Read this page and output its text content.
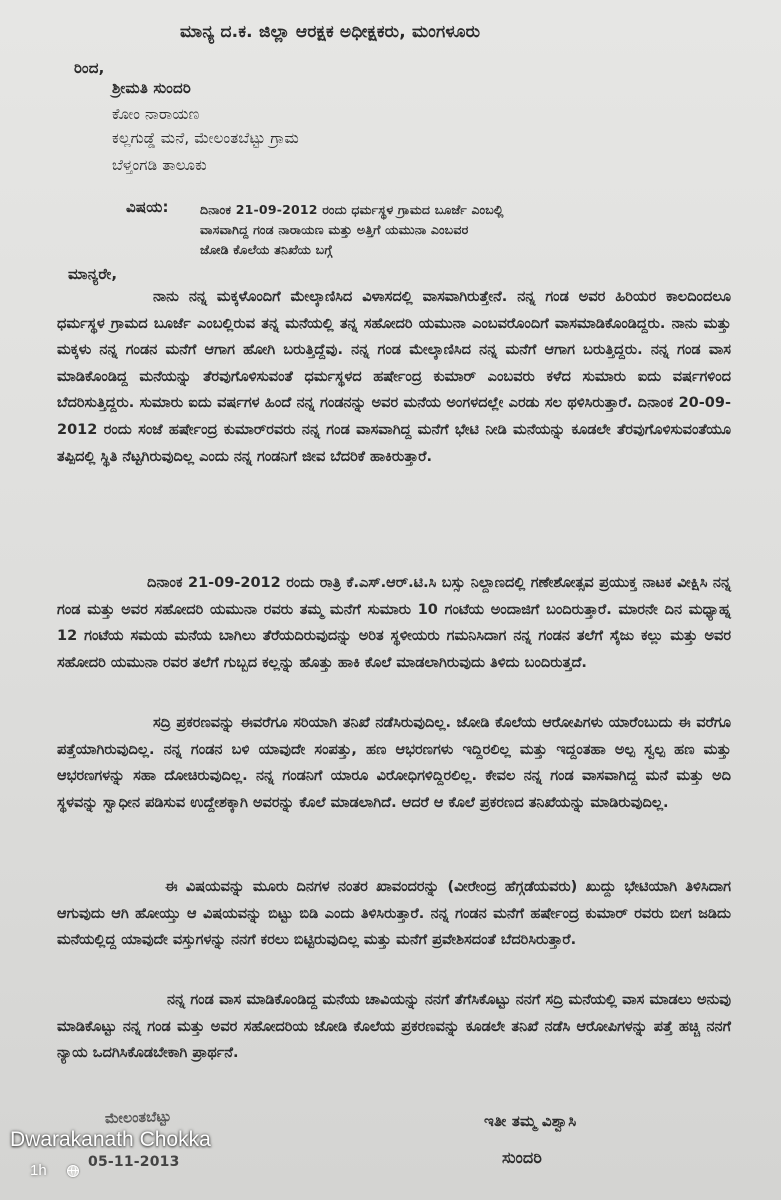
ಮಾನ್ಯ ದ.ಕ. ಜಿಲ್ಲಾ ಆರಕ್ಷಕ ಅಧೀಕ್ಷಕರು, ಮಂಗಳೂರು
ರಿಂದ,
ಶ್ರೀಮತಿ ಸುಂದರಿ
ಕೋಂ ನಾರಾಯಣ
ಕಲ್ಲಗುಡ್ಡೆ ಮನೆ, ಮೇಲಂತಬೆಟ್ಟು ಗ್ರಾಮ
ಬೆಳ್ತಂಗಡಿ ತಾಲೂಕು
ವಿಷಯ:	ದಿನಾಂಕ 21-09-2012 ರಂದು ಧರ್ಮಸ್ಥಳ ಗ್ರಾಮದ ಬೂರ್ಜೆ ಎಂಬಲ್ಲಿ
ವಾಸವಾಗಿದ್ದ ಗಂಡ ನಾರಾಯಣ ಮತ್ತು ಅತ್ತಿಗೆ ಯಮುನಾ ಎಂಬವರ
ಜೋಡಿ ಕೊಲೆಯ ತನಿಖೆಯ ಬಗ್ಗೆ
ಮಾನ್ಯರೇ,
ನಾನು ನನ್ನ ಮಕ್ಕಳೊಂದಿಗೆ ಮೇಲ್ಕಾಣಿಸಿದ ವಿಳಾಸದಲ್ಲಿ ವಾಸವಾಗಿರುತ್ತೇನೆ. ನನ್ನ ಗಂಡ ಅವರ ಹಿರಿಯರ ಕಾಲದಿಂದಲೂ ಧರ್ಮಸ್ಥಳ ಗ್ರಾಮದ ಬೂರ್ಜೆ ಎಂಬಲ್ಲಿರುವ ತನ್ನ ಮನೆಯಲ್ಲಿ ತನ್ನ ಸಹೋದರಿ ಯಮುನಾ ಎಂಬವರೊಂದಿಗೆ ವಾಸಮಾಡಿಕೊಂಡಿದ್ದರು. ನಾನು ಮತ್ತು ಮಕ್ಕಳು ನನ್ನ ಗಂಡನ ಮನೆಗೆ ಆಗಾಗ ಹೋಗಿ ಬರುತ್ತಿದ್ದೆವು. ನನ್ನ ಗಂಡ ಮೇಲ್ಕಾಣಿಸಿದ ನನ್ನ ಮನೆಗೆ ಆಗಾಗ ಬರುತ್ತಿದ್ದರು. ನನ್ನ ಗಂಡ ವಾಸ ಮಾಡಿಕೊಂಡಿದ್ದ ಮನೆಯನ್ನು ತೆರವುಗೊಳಿಸುವಂತೆ ಧರ್ಮಸ್ಥಳದ ಹರ್ಷೇಂದ್ರ ಕುಮಾರ್ ಎಂಬವರು ಕಳೆದ ಸುಮಾರು ಐದು ವರ್ಷಗಳಿಂದ ಬೆದರಿಸುತ್ತಿದ್ದರು. ಸುಮಾರು ಐದು ವರ್ಷಗಳ ಹಿಂದೆ ನನ್ನ ಗಂಡನನ್ನು ಅವರ ಮನೆಯ ಅಂಗಳದಲ್ಲೇ ಎರಡು ಸಲ ಥಳಿಸಿರುತ್ತಾರೆ. ದಿನಾಂಕ 20-09-2012 ರಂದು ಸಂಜೆ ಹರ್ಷೇಂದ್ರ ಕುಮಾರ್‌ರವರು ನನ್ನ ಗಂಡ ವಾಸವಾಗಿದ್ದ ಮನೆಗೆ ಭೇಟಿ ನೀಡಿ ಮನೆಯನ್ನು ಕೂಡಲೇ ತೆರವುಗೊಳಿಸುವಂತೆಯೂ ತಪ್ಪಿದಲ್ಲಿ ಸ್ಥಿತಿ ನೆಟ್ಟಗಿರುವುದಿಲ್ಲ ಎಂದು ನನ್ನ ಗಂಡನಿಗೆ ಜೀವ ಬೆದರಿಕೆ ಹಾಕಿರುತ್ತಾರೆ.
ದಿನಾಂಕ 21-09-2012 ರಂದು ರಾತ್ರಿ ಕೆ.ಎಸ್.ಆರ್.ಟಿ.ಸಿ ಬಸ್ಸು ನಿಲ್ದಾಣದಲ್ಲಿ ಗಣೇಶೋತ್ಸವ ಪ್ರಯುಕ್ತ ನಾಟಕ ವೀಕ್ಷಿಸಿ ನನ್ನ ಗಂಡ ಮತ್ತು ಅವರ ಸಹೋದರಿ ಯಮುನಾ ರವರು ತಮ್ಮ ಮನೆಗೆ ಸುಮಾರು 10 ಗಂಟೆಯ ಅಂದಾಜಿಗೆ ಬಂದಿರುತ್ತಾರೆ. ಮಾರನೇ ದಿನ ಮಧ್ಯಾಹ್ನ 12 ಗಂಟೆಯ ಸಮಯ ಮನೆಯ ಬಾಗಿಲು ತೆರೆಯದಿರುವುದನ್ನು ಅರಿತ ಸ್ಥಳೀಯರು ಗಮನಿಸಿದಾಗ ನನ್ನ ಗಂಡನ ತಲೆಗೆ ಸೈಜು ಕಲ್ಲು ಮತ್ತು ಅವರ ಸಹೋದರಿ ಯಮುನಾ ರವರ ತಲೆಗೆ ಗುಬ್ಬದ ಕಲ್ಲನ್ನು ಹೊತ್ತು ಹಾಕಿ ಕೊಲೆ ಮಾಡಲಾಗಿರುವುದು ತಿಳಿದು ಬಂದಿರುತ್ತದೆ.
ಸದ್ರಿ ಪ್ರಕರಣವನ್ನು ಈವರೆಗೂ ಸರಿಯಾಗಿ ತನಿಖೆ ನಡೆಸಿರುವುದಿಲ್ಲ. ಜೋಡಿ ಕೊಲೆಯ ಆರೋಪಿಗಳು ಯಾರೆಂಬುದು ಈ ವರೆಗೂ ಪತ್ತೆಯಾಗಿರುವುದಿಲ್ಲ. ನನ್ನ ಗಂಡನ ಬಳಿ ಯಾವುದೇ ಸಂಪತ್ತು, ಹಣ ಆಭರಣಗಳು ಇದ್ದಿರಲಿಲ್ಲ ಮತ್ತು ಇದ್ದಂತಹಾ ಅಲ್ಪ ಸ್ವಲ್ಪ ಹಣ ಮತ್ತು ಆಭರಣಗಳನ್ನು ಸಹಾ ದೋಚಿರುವುದಿಲ್ಲ. ನನ್ನ ಗಂಡನಿಗೆ ಯಾರೂ ವಿರೋಧಿಗಳಿದ್ದಿರಲಿಲ್ಲ. ಕೇವಲ ನನ್ನ ಗಂಡ ವಾಸವಾಗಿದ್ದ ಮನೆ ಮತ್ತು ಅದಿ ಸ್ಥಳವನ್ನು ಸ್ವಾಧೀನ ಪಡಿಸುವ ಉದ್ದೇಶಕ್ಕಾಗಿ ಅವರನ್ನು ಕೊಲೆ ಮಾಡಲಾಗಿದೆ. ಆದರೆ ಆ ಕೊಲೆ ಪ್ರಕರಣದ ತನಿಖೆಯನ್ನು ಮಾಡಿರುವುದಿಲ್ಲ.
ಈ ವಿಷಯವನ್ನು ಮೂರು ದಿನಗಳ ನಂತರ ಖಾವಂದರನ್ನು (ವೀರೇಂದ್ರ ಹೆಗ್ಗಡೆಯವರು) ಖುದ್ದು ಭೇಟಿಯಾಗಿ ತಿಳಿಸಿದಾಗ ಆಗುವುದು ಆಗಿ ಹೋಯ್ತು ಆ ವಿಷಯವನ್ನು ಬಿಟ್ಟು ಬಿಡಿ ಎಂದು ತಿಳಿಸಿರುತ್ತಾರೆ. ನನ್ನ ಗಂಡನ ಮನೆಗೆ ಹರ್ಷೇಂದ್ರ ಕುಮಾರ್ ರವರು ಬೀಗ ಜಡಿದು ಮನೆಯಲ್ಲಿದ್ದ ಯಾವುದೇ ವಸ್ತುಗಳನ್ನು ನನಗೆ ಕರಲು ಬಿಟ್ಟಿರುವುದಿಲ್ಲ ಮತ್ತು ಮನೆಗೆ ಪ್ರವೇಶಿಸದಂತೆ ಬೆದರಿಸಿರುತ್ತಾರೆ.
ನನ್ನ ಗಂಡ ವಾಸ ಮಾಡಿಕೊಂಡಿದ್ದ ಮನೆಯ ಚಾವಿಯನ್ನು ನನಗೆ ತೆಗೆಸಿಕೊಟ್ಟು ನನಗೆ ಸದ್ರಿ ಮನೆಯಲ್ಲಿ ವಾಸ ಮಾಡಲು ಅನುವು ಮಾಡಿಕೊಟ್ಟು ನನ್ನ ಗಂಡ ಮತ್ತು ಅವರ ಸಹೋದರಿಯ ಜೋಡಿ ಕೊಲೆಯ ಪ್ರಕರಣವನ್ನು ಕೂಡಲೇ ತನಿಖೆ ನಡೆಸಿ ಆರೋಪಿಗಳನ್ನು ಪತ್ತೆ ಹಚ್ಚಿ ನನಗೆ ನ್ಯಾಯ ಒದಗಿಸಿಕೊಡಬೇಕಾಗಿ ಪ್ರಾರ್ಥನೆ.
ಮೇಲಂತಬೆಟ್ಟು
05-11-2013
ಇತೀ ತಮ್ಮ ವಿಶ್ವಾಸಿ
ಸುಂದರಿ
Dwarakanath Chokka
1h
